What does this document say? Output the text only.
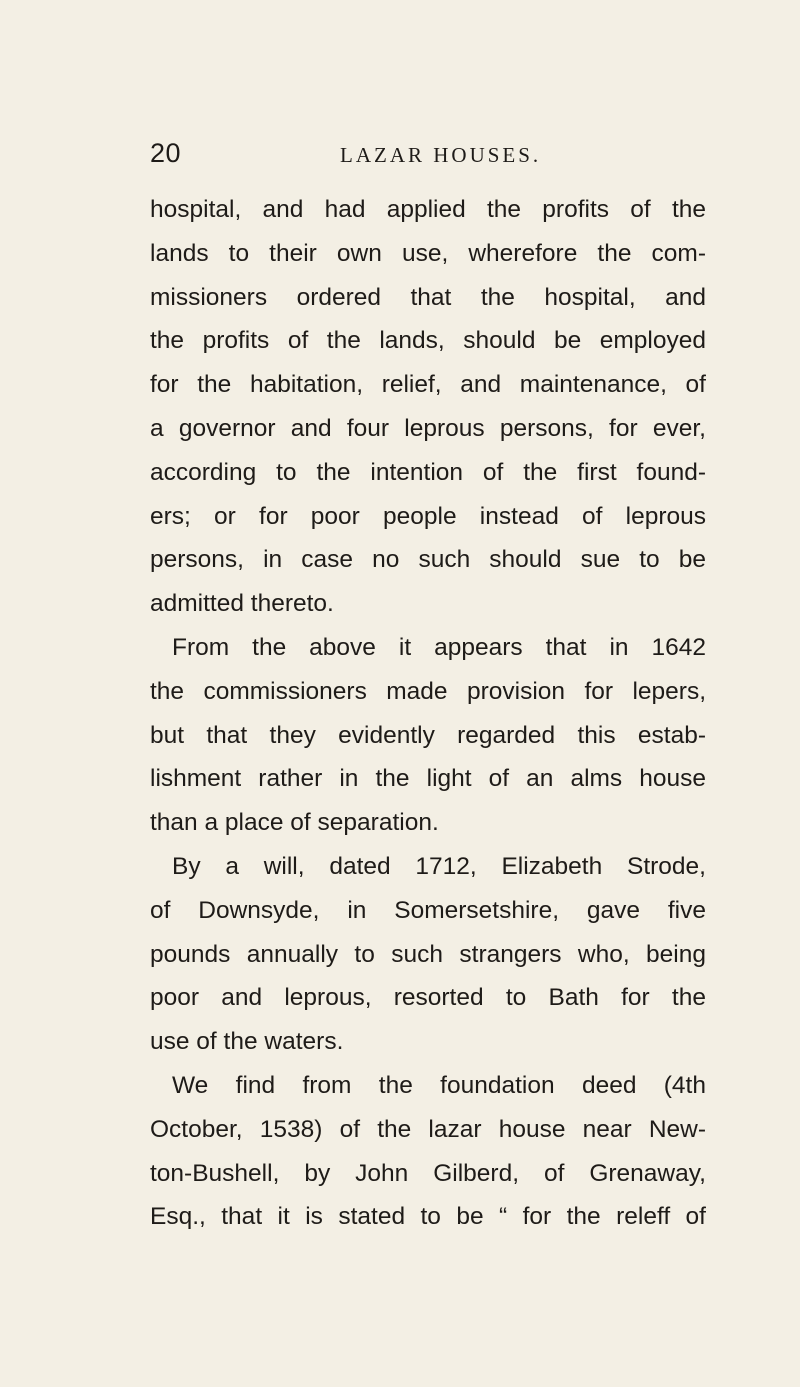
20	LAZAR HOUSES.
hospital, and had applied the profits of the
lands to their own use, wherefore the com-
missioners ordered that the hospital, and
the profits of the lands, should be employed
for the habitation, relief, and maintenance, of
a governor and four leprous persons, for ever,
according to the intention of the first found-
ers; or for poor people instead of leprous
persons, in case no such should sue to be
admitted thereto.
From the above it appears that in 1642
the commissioners made provision for lepers,
but that they evidently regarded this estab-
lishment rather in the light of an alms house
than a place of separation.
By a will, dated 1712, Elizabeth Strode,
of Downsyde, in Somersetshire, gave five
pounds annually to such strangers who, being
poor and leprous, resorted to Bath for the
use of the waters.
We find from the foundation deed (4th
October, 1538) of the lazar house near New-
ton-Bushell, by John Gilberd, of Grenaway,
Esq., that it is stated to be “ for the releff of
